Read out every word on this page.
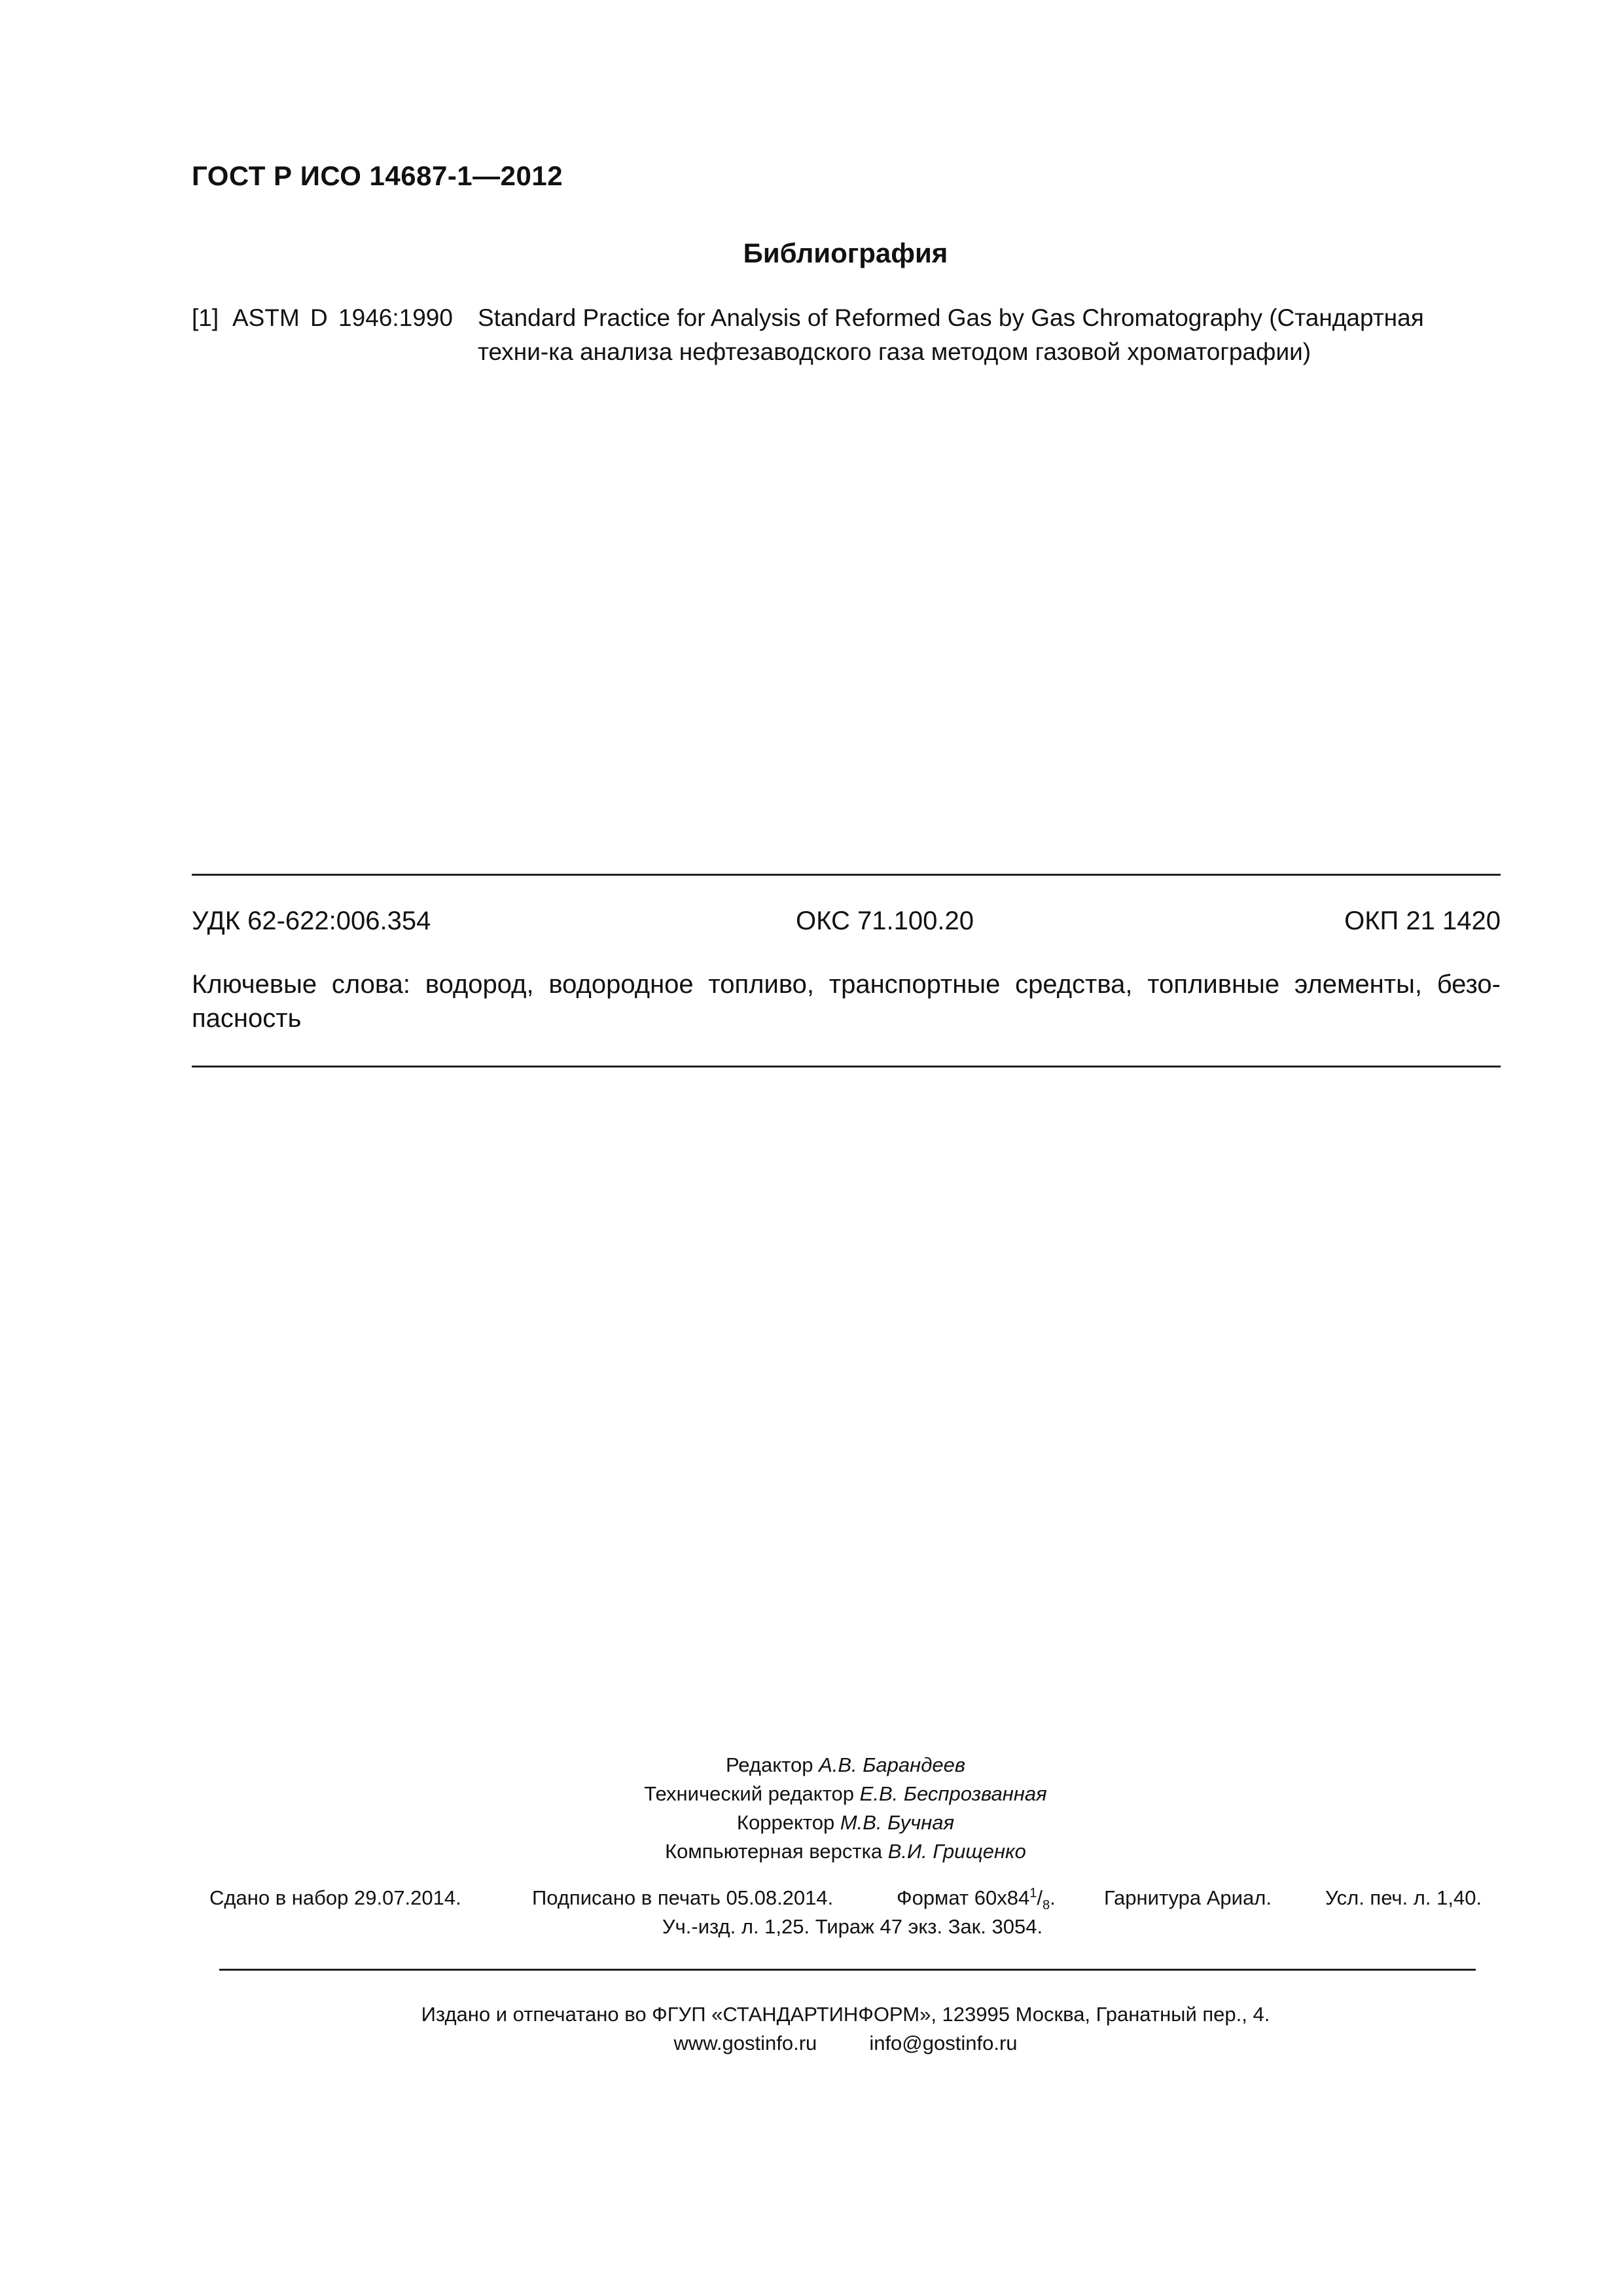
ГОСТ Р ИСО 14687-1—2012
Библиография
[1] ASTM D 1946:1990 Standard Practice for Analysis of Reformed Gas by Gas Chromatography (Стандартная техни-ка анализа нефтезаводского газа методом газовой хроматографии)
УДК 62-622:006.354	ОКС 71.100.20	ОКП 21 1420
Ключевые слова: водород, водородное топливо, транспортные средства, топливные элементы, безо-пасность
Редактор А.В. Барандеев
Технический редактор Е.В. Беспрозванная
Корректор М.В. Бучная
Компьютерная верстка В.И. Грищенко
Сдано в набор 29.07.2014.	Подписано в печать 05.08.2014.	Формат $60x84^1/_8$. Гарнитура Ариал.	Усл. печ. л. 1,40.
Уч.-изд. л. 1,25. Тираж 47 экз. Зак. 3054.
Издано и отпечатано во ФГУП «СТАНДАРТИНФОРМ», 123995 Москва, Гранатный пер., 4.
www.gostinfo.ru	info@gostinfo.ru
